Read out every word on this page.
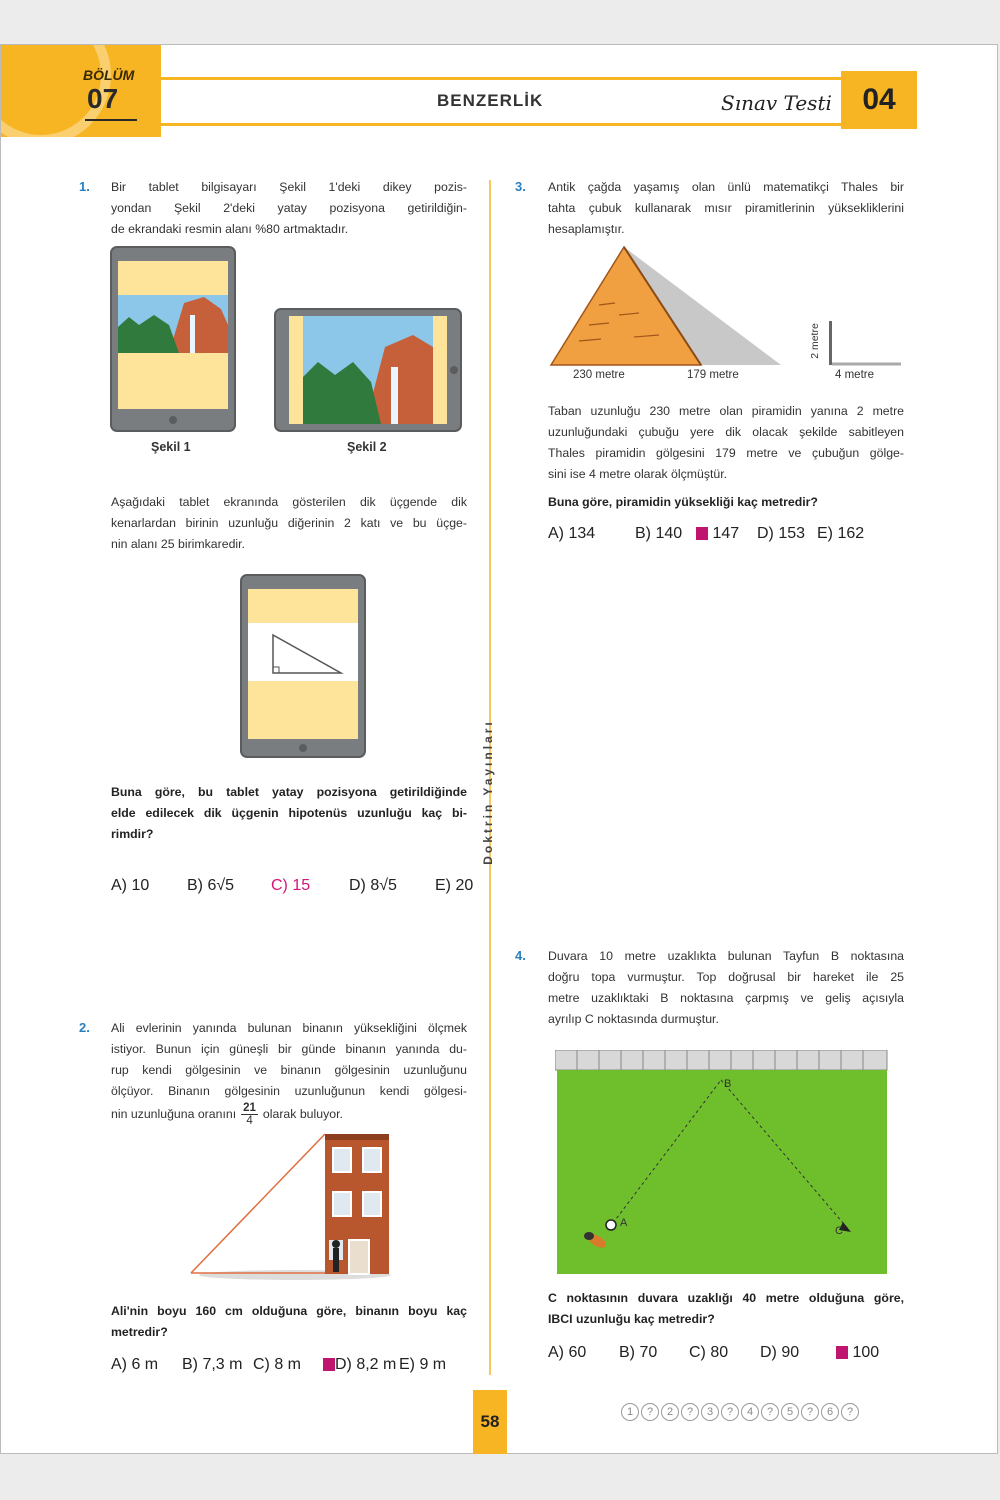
BÖLÜM
07	BENZERLİK	Sınav Testi	04
Doktrin Yayınları
1. Bir tablet bilgisayarı Şekil 1'deki dikey pozis-
yondan Şekil 2'deki yatay pozisyona getirildiğin-
de ekrandaki resmin alanı %80 artmaktadır.
Şekil 1	Şekil 2
Aşağıdaki tablet ekranında gösterilen dik üçgende dik
kenarlardan birinin uzunluğu diğerinin 2 katı ve bu üçge-
nin alanı 25 birimkaredir.
Buna göre, bu tablet yatay pozisyona getirildiğinde
elde edilecek dik üçgenin hipotenüs uzunluğu kaç bi-
rimdir?
A) 10 B) 6√5 C) 15 D) 8√5 E) 20
2. Ali evlerinin yanında bulunan binanın yüksekliğini ölçmek
istiyor. Bunun için güneşli bir günde binanın yanında du-
rup kendi gölgesinin ve binanın gölgesinin uzunluğunu
ölçüyor. Binanın gölgesinin uzunluğunun kendi gölgesi-
nin uzunluğuna oranını 21
4 olarak buluyor.
Ali'nin boyu 160 cm olduğuna göre, binanın boyu kaç
metredir?
A) 6 m B) 7,3 m C) 8 m	D) 8,2 m E) 9 m
3. Antik çağda yaşamış olan ünlü matematikçi Thales bir
tahta çubuk kullanarak mısır piramitlerinin yüksekliklerini
hesaplamıştır.
230 metre	179 metre	4 metre
2 metre
Taban uzunluğu 230 metre olan piramidin yanına 2 metre
uzunluğundaki çubuğu yere dik olacak şekilde sabitleyen
Thales piramidin gölgesini 179 metre ve çubuğun gölge-
sini ise 4 metre olarak ölçmüştür.
Buna göre, piramidin yüksekliği kaç metredir?
A) 134 B) 140	147 D) 153 E) 162
4. Duvara 10 metre uzaklıkta bulunan Tayfun B noktasına
doğru topa vurmuştur. Top doğrusal bir hareket ile 25
metre uzaklıktaki B noktasına çarpmış ve geliş açısıyla
ayrılıp C noktasında durmuştur.
B
A
C
C noktasının duvara uzaklığı 40 metre olduğuna göre,
IBCI uzunluğu kaç metredir?
A) 60 B) 70 C) 80 D) 90	100
58	1	?	2	?	3	?	4	?	5	?	6	?
